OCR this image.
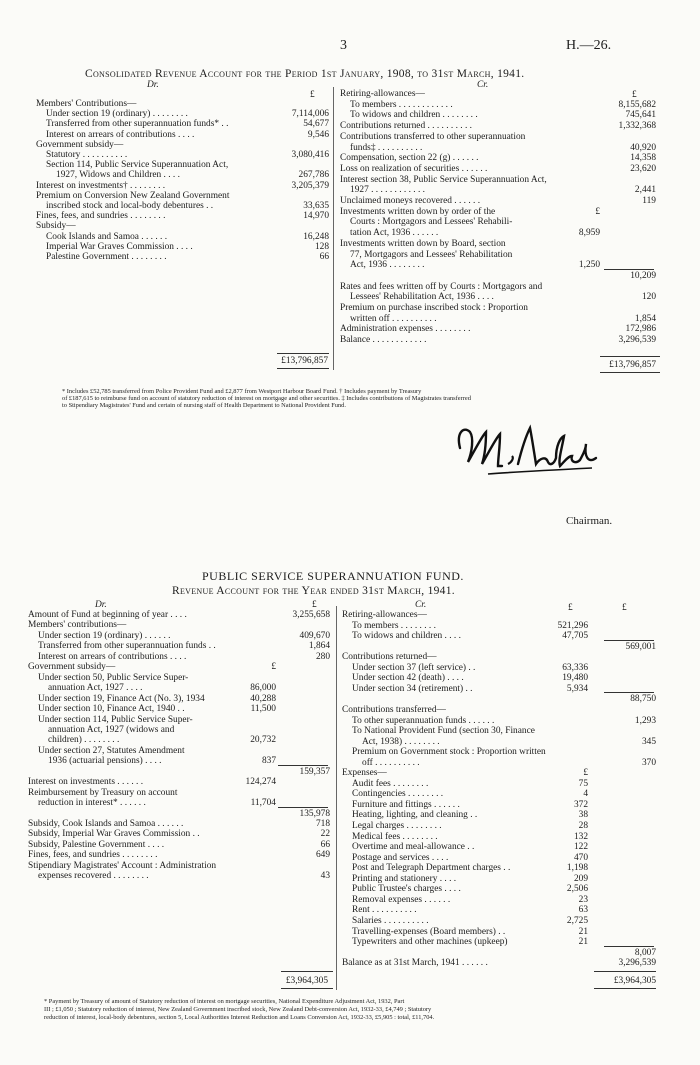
3	H.—26.
Consolidated Revenue Account for the Period 1st January, 1908, to 31st March, 1941.
Dr.	Cr.
£	£
Members' Contributions—
Under section 19 (ordinary) . . . . . . . .	7,114,006
Transferred from other superannuation funds* . .	54,677
Interest on arrears of contributions . . . .	9,546
Government subsidy—
Statutory . . . . . . . . . .	3,080,416
Section 114, Public Service Superannuation Act,
1927, Widows and Children . . . .	267,786
Interest on investments† . . . . . . . .	3,205,379
Premium on Conversion New Zealand Government
inscribed stock and local-body debentures . .	33,635
Fines, fees, and sundries . . . . . . . .	14,970
Subsidy—
Cook Islands and Samoa . . . . . .	16,248
Imperial War Graves Commission . . . .	128
Palestine Government . . . . . . . .	66
Retiring-allowances—
To members . . . . . . . . . . . .	8,155,682
To widows and children . . . . . . . .	745,641
Contributions returned . . . . . . . . . .	1,332,368
Contributions transferred to other superannuation
funds‡ . . . . . . . . . .	40,920
Compensation, section 22 (g) . . . . . .	14,358
Loss on realization of securities . . . . . .	23,620
Interest section 38, Public Service Superannuation Act,
1927 . . . . . . . . . . . .	2,441
Unclaimed moneys recovered . . . . . .	119
Investments written down by order of the	£
Courts : Mortgagors and Lessees' Rehabili-
tation Act, 1936 . . . . . .	8,959
Investments written down by Board, section
77, Mortgagors and Lessees' Rehabilitation
Act, 1936 . . . . . . . .	1,250
10,209
Rates and fees written off by Courts : Mortgagors and
Lessees' Rehabilitation Act, 1936 . . . .	120
Premium on purchase inscribed stock : Proportion
written off . . . . . . . . . .	1,854
Administration expenses . . . . . . . .	172,986
Balance . . . . . . . . . . . .	3,296,539
£13,796,857	£13,796,857
* Includes £52,785 transferred from Police Provident Fund and £2,877 from Westport Harbour Board Fund. † Includes payment by Treasury
of £187,615 to reimburse fund on account of statutory reduction of interest on mortgage and other securities. ‡ Includes contributions of Magistrates transferred
to Stipendiary Magistrates' Fund and certain of nursing staff of Health Department to National Provident Fund.
Chairman.
PUBLIC SERVICE SUPERANNUATION FUND.
Revenue Account for the Year ended 31st March, 1941.
Dr.	Cr.
£	£	£
Amount of Fund at beginning of year . . . .	3,255,658
Members' contributions—
Under section 19 (ordinary) . . . . . .	409,670
Transferred from other superannuation funds . .	1,864
Interest on arrears of contributions . . . .	280
Government subsidy—	£
Under section 50, Public Service Super-
annuation Act, 1927 . . . .	86,000
Under section 19, Finance Act (No. 3), 1934	40,288
Under section 10, Finance Act, 1940 . .	11,500
Under section 114, Public Service Super-
annuation Act, 1927 (widows and
children) . . . . . . . .	20,732
Under section 27, Statutes Amendment
1936 (actuarial pensions) . . . .	837
159,357
Interest on investments . . . . . .	124,274
Reimbursement by Treasury on account
reduction in interest* . . . . . .	11,704
135,978
Subsidy, Cook Islands and Samoa . . . . . .	718
Subsidy, Imperial War Graves Commission . .	22
Subsidy, Palestine Government . . . .	66
Fines, fees, and sundries . . . . . . . .	649
Stipendiary Magistrates' Account : Administration
expenses recovered . . . . . . . .	43
Retiring-allowances—
To members . . . . . . . .	521,296
To widows and children . . . .	47,705
569,001
Contributions returned—
Under section 37 (left service) . .	63,336
Under section 42 (death) . . . .	19,480
Under section 34 (retirement) . .	5,934
88,750
Contributions transferred—
To other superannuation funds . . . . . .	1,293
To National Provident Fund (section 30, Finance
Act, 1938) . . . . . . . .	345
Premium on Government stock : Proportion written
off . . . . . . . . . .	370
Expenses—	£
Audit fees . . . . . . . .	75
Contingencies . . . . . . . .	4
Furniture and fittings . . . . . .	372
Heating, lighting, and cleaning . .	38
Legal charges . . . . . . . .	28
Medical fees . . . . . . . .	132
Overtime and meal-allowance . .	122
Postage and services . . . .	470
Post and Telegraph Department charges . .	1,198
Printing and stationery . . . .	209
Public Trustee's charges . . . .	2,506
Removal expenses . . . . . .	23
Rent . . . . . . . . . .	63
Salaries . . . . . . . . . .	2,725
Travelling-expenses (Board members) . .	21
Typewriters and other machines (upkeep)	21
8,007
Balance as at 31st March, 1941 . . . . . .	3,296,539
£3,964,305	£3,964,305
* Payment by Treasury of amount of Statutory reduction of interest on mortgage securities, National Expenditure Adjustment Act, 1932, Part
III ; £1,050 ; Statutory reduction of interest, New Zealand Government inscribed stock, New Zealand Debt-conversion Act, 1932-33, £4,749 ; Statutory
reduction of interest, local-body debentures, section 5, Local Authorities Interest Reduction and Loans Conversion Act, 1932-33, £5,905 : total, £11,704.
